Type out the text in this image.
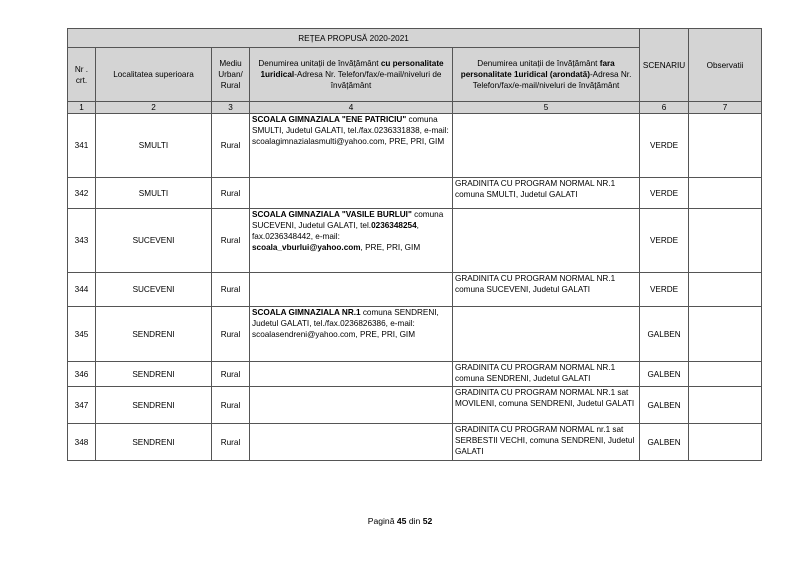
REȚEA PROPUSĂ 2020-2021					SCENARIU	Observatii
Nr . crt.	Localitatea superioara	Mediu Urban/ Rural	Denumirea unitații de învățământ cu personalitate 1uridical-Adresa Nr. Telefon/fax/e-mail/niveluri de învățământ	Denumirea unitații de învățământ fara personalitate 1uridical (arondată)-Adresa Nr. Telefon/fax/e-mail/niveluri de învățământ		
1	2	3	4	5	6	7
341	SMULTI	Rural	SCOALA GIMNAZIALA "ENE PATRICIU" comuna SMULTI, Judetul GALATI, tel./fax.0236331838, e-mail: scoalagimnazialasmulti@yahoo.com, PRE, PRI, GIM		VERDE	
342	SMULTI	Rural		GRADINITA CU PROGRAM NORMAL NR.1 comuna SMULTI, Judetul GALATI	VERDE	
343	SUCEVENI	Rural	SCOALA GIMNAZIALA "VASILE BURLUI" comuna SUCEVENI, Judetul GALATI, tel.0236348254, fax.0236348442, e-mail: scoala_vburlui@yahoo.com, PRE, PRI, GIM		VERDE	
344	SUCEVENI	Rural		GRADINITA CU PROGRAM NORMAL NR.1 comuna SUCEVENI, Judetul GALATI	VERDE	
345	SENDRENI	Rural	SCOALA GIMNAZIALA NR.1 comuna SENDRENI, Judetul GALATI, tel./fax.0236826386, e-mail: scoalasendreni@yahoo.com, PRE, PRI, GIM		GALBEN	
346	SENDRENI	Rural		GRADINITA CU PROGRAM NORMAL NR.1 comuna SENDRENI, Judetul GALATI	GALBEN	
347	SENDRENI	Rural		GRADINITA CU PROGRAM NORMAL NR.1 sat MOVILENI, comuna SENDRENI, Judetul GALATI	GALBEN	
348	SENDRENI	Rural		GRADINITA CU PROGRAM NORMAL nr.1 sat SERBESTII VECHI, comuna SENDRENI, Judetul GALATI	GALBEN	
Pagină 45 din 52
